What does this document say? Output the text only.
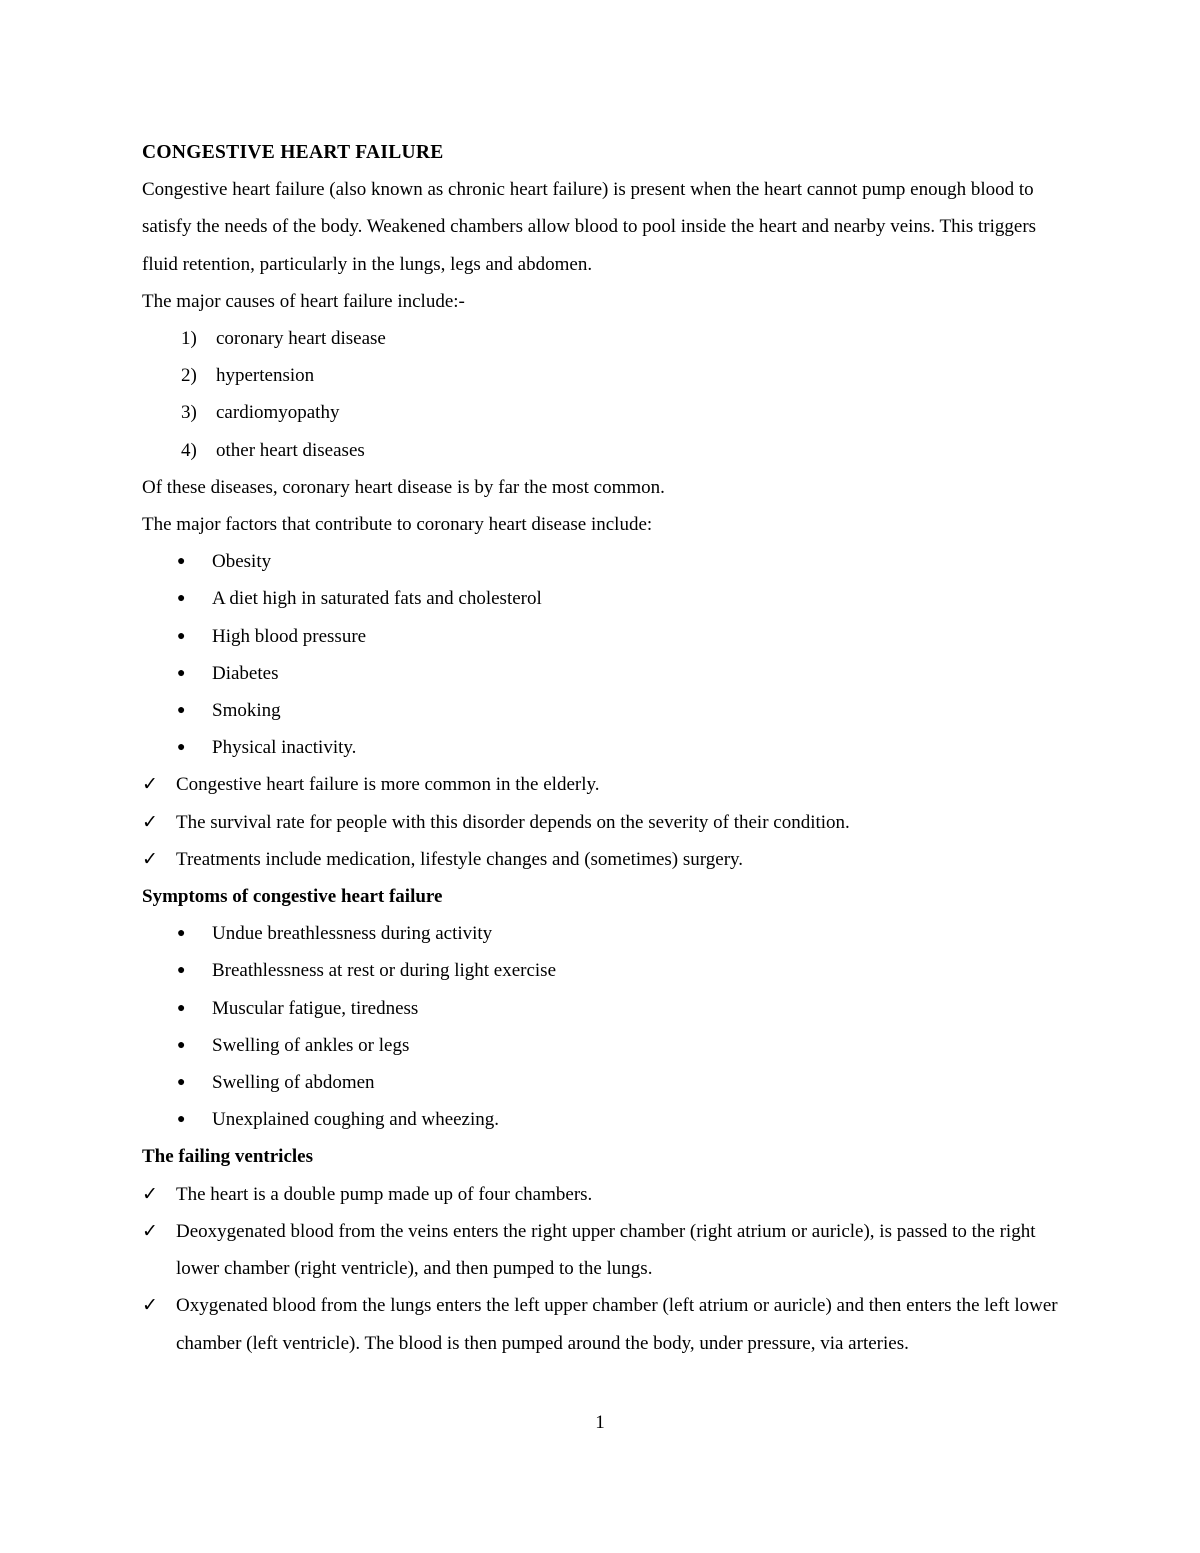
CONGESTIVE HEART FAILURE

Congestive heart failure (also known as chronic heart failure) is present when the heart cannot pump enough blood to satisfy the needs of the body. Weakened chambers allow blood to pool inside the heart and nearby veins. This triggers fluid retention, particularly in the lungs, legs and abdomen.

The major causes of heart failure include:-

1) coronary heart disease
2) hypertension
3) cardiomyopathy
4) other heart diseases

Of these diseases, coronary heart disease is by far the most common.

The major factors that contribute to coronary heart disease include:

● Obesity
● A diet high in saturated fats and cholesterol
● High blood pressure
● Diabetes
● Smoking
● Physical inactivity.
✓ Congestive heart failure is more common in the elderly.
✓ The survival rate for people with this disorder depends on the severity of their condition.
✓ Treatments include medication, lifestyle changes and (sometimes) surgery.

Symptoms of congestive heart failure

● Undue breathlessness during activity
● Breathlessness at rest or during light exercise
● Muscular fatigue, tiredness
● Swelling of ankles or legs
● Swelling of abdomen
● Unexplained coughing and wheezing.

The failing ventricles

✓ The heart is a double pump made up of four chambers.
✓ Deoxygenated blood from the veins enters the right upper chamber (right atrium or auricle), is passed to the right lower chamber (right ventricle), and then pumped to the lungs.
✓ Oxygenated blood from the lungs enters the left upper chamber (left atrium or auricle) and then enters the left lower chamber (left ventricle). The blood is then pumped around the body, under pressure, via arteries.
1
